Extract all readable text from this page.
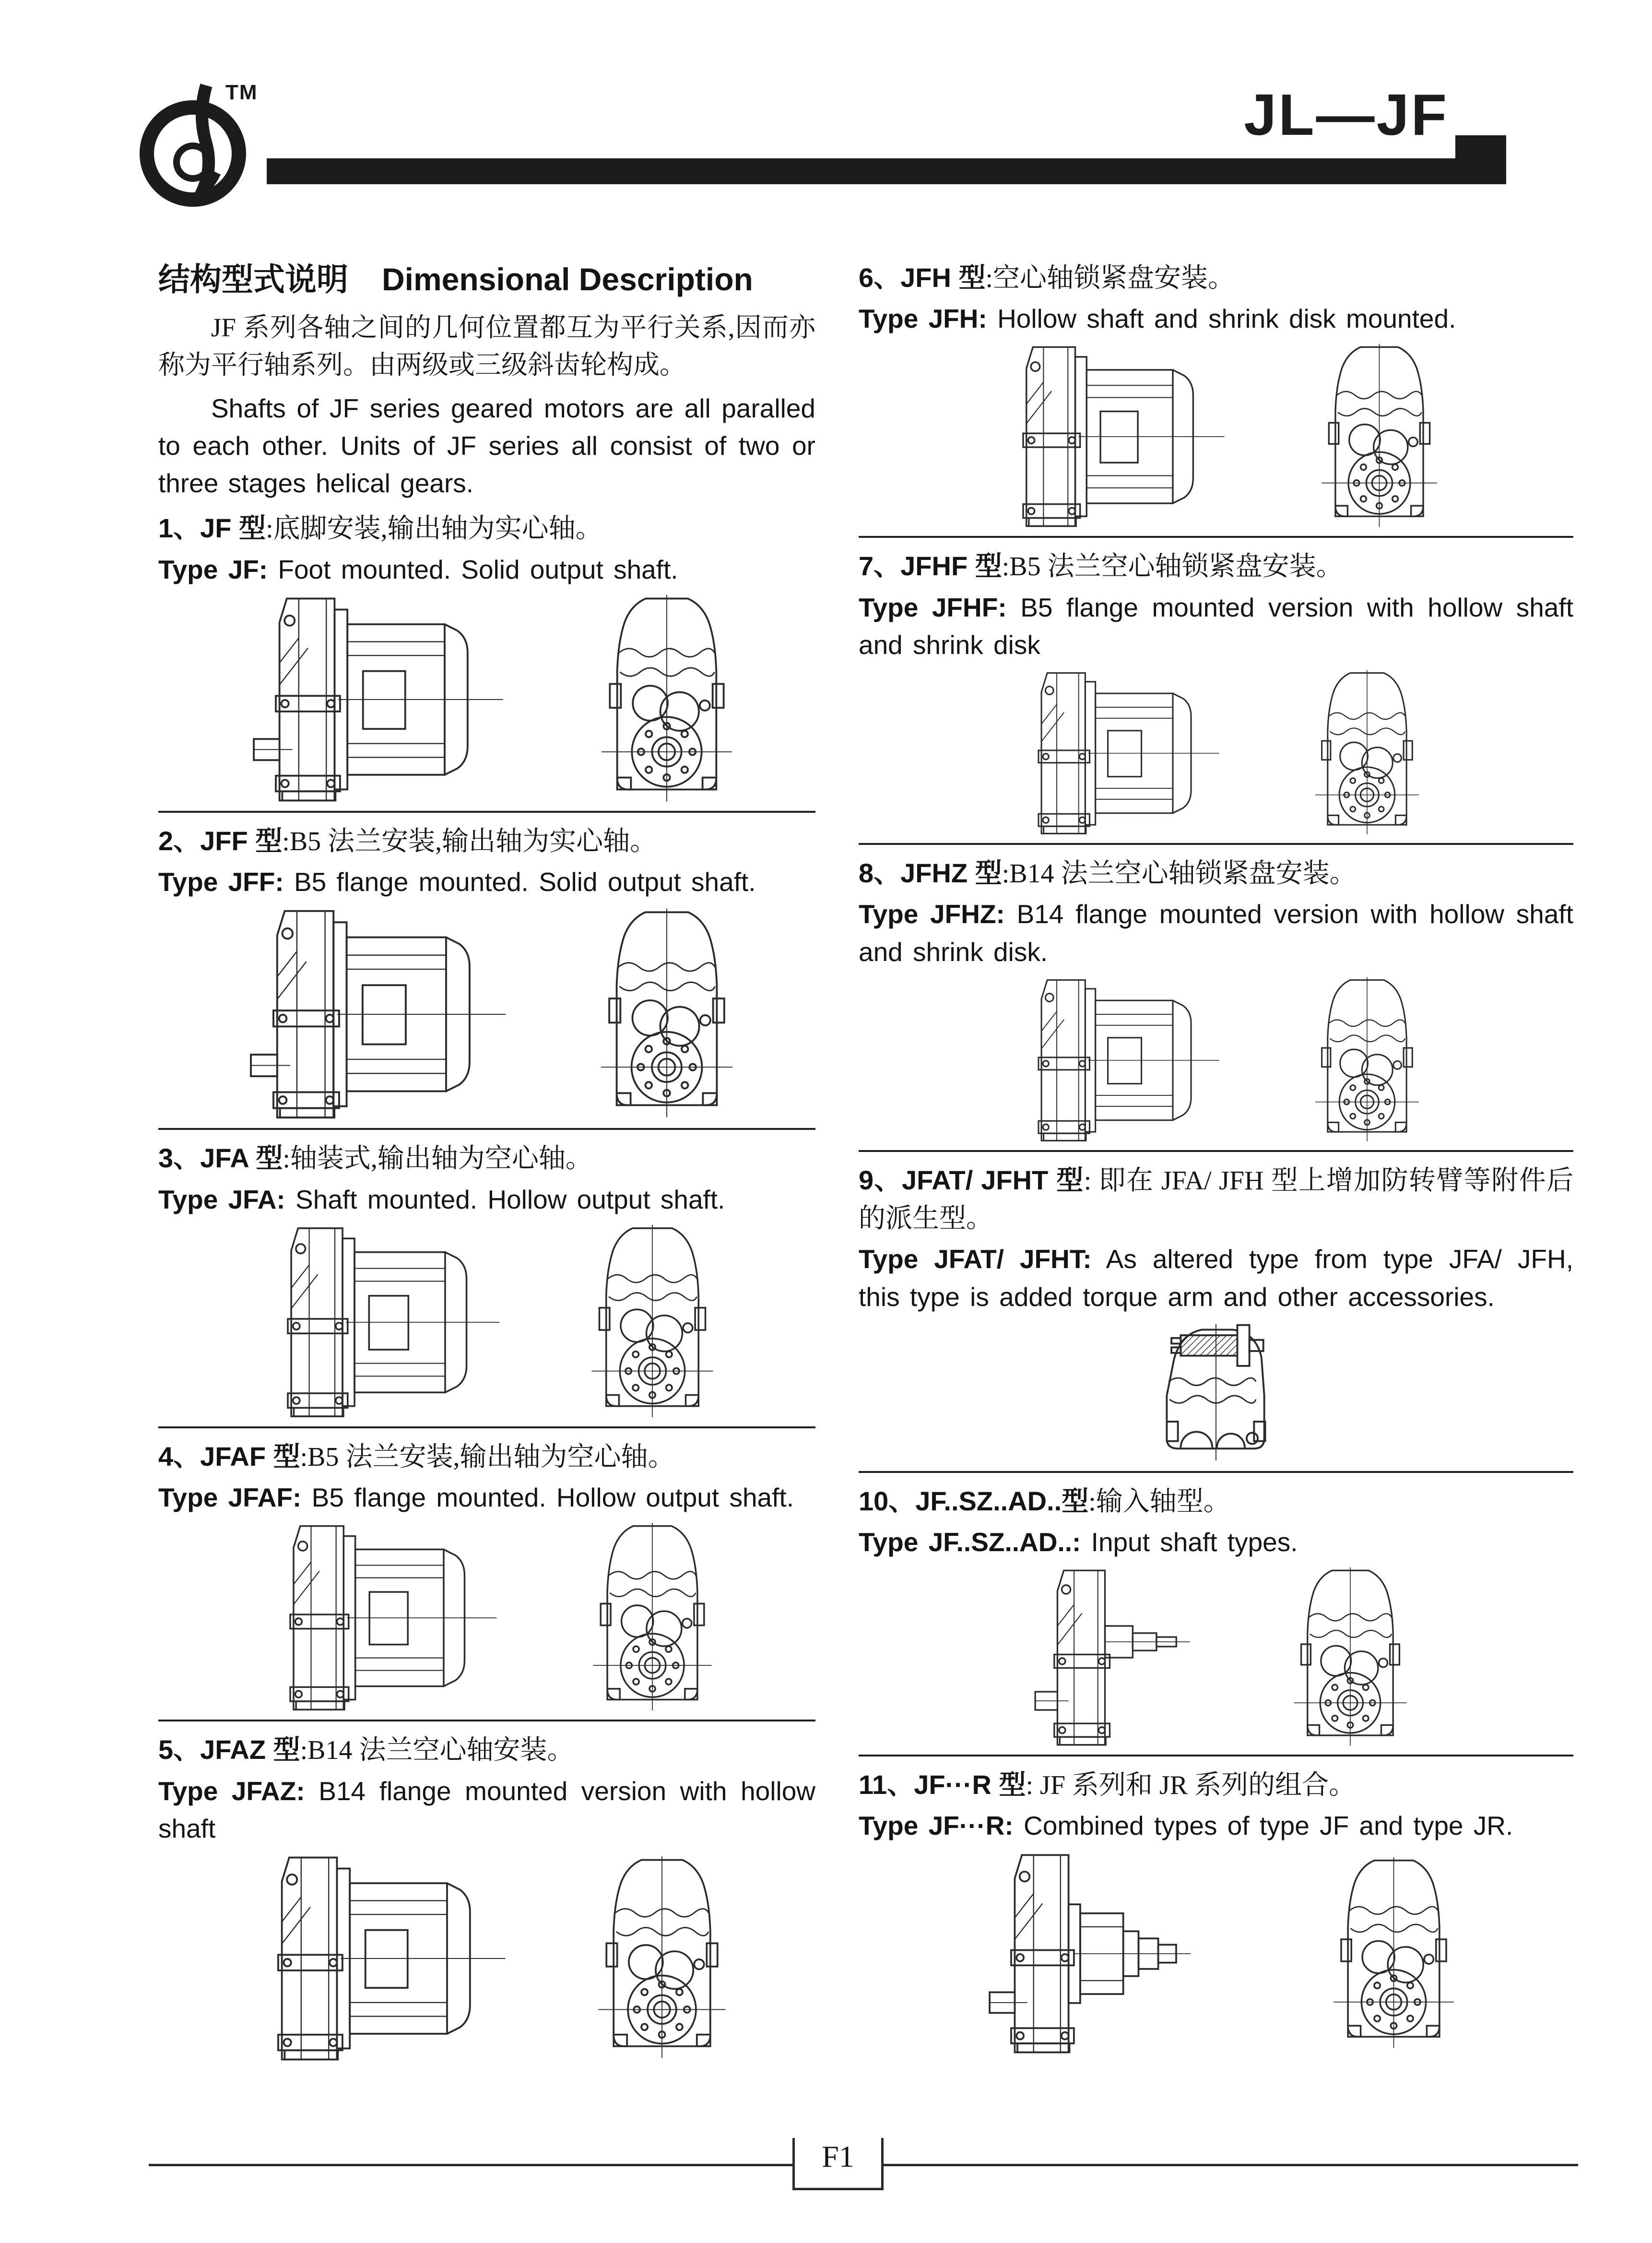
TM	JL—JF
结构型式说明 Dimensional Description

JF 系列各轴之间的几何位置都互为平行关系,因而亦称为平行轴系列。由两级或三级斜齿轮构成。

Shafts of JF series geared motors are all paralled to each other. Units of JF series all consist of two or three stages helical gears.

1、JF 型:底脚安装,输出轴为实心轴。

Type JF: Foot mounted. Solid output shaft.

2、JFF 型:B5 法兰安装,输出轴为实心轴。

Type JFF: B5 flange mounted. Solid output shaft.

3、JFA 型:轴装式,输出轴为空心轴。

Type JFA: Shaft mounted. Hollow output shaft.

4、JFAF 型:B5 法兰安装,输出轴为空心轴。

Type JFAF: B5 flange mounted. Hollow output shaft.

5、JFAZ 型:B14 法兰空心轴安装。

Type JFAZ: B14 flange mounted version with hollow shaft

6、JFH 型:空心轴锁紧盘安装。

Type JFH: Hollow shaft and shrink disk mounted.

7、JFHF 型:B5 法兰空心轴锁紧盘安装。

Type JFHF: B5 flange mounted version with hollow shaft and shrink disk

8、JFHZ 型:B14 法兰空心轴锁紧盘安装。

Type JFHZ: B14 flange mounted version with hollow shaft and shrink disk.

9、JFAT/ JFHT 型: 即在 JFA/ JFH 型上增加防转臂等附件后的派生型。

Type JFAT/ JFHT: As altered type from type JFA/ JFH, this type is added torque arm and other accessories.

10、JF..SZ..AD..型:输入轴型。

Type JF..SZ..AD..: Input shaft types.

11、JF···R 型: JF 系列和 JR 系列的组合。

Type JF···R: Combined types of type JF and type JR.

F1
